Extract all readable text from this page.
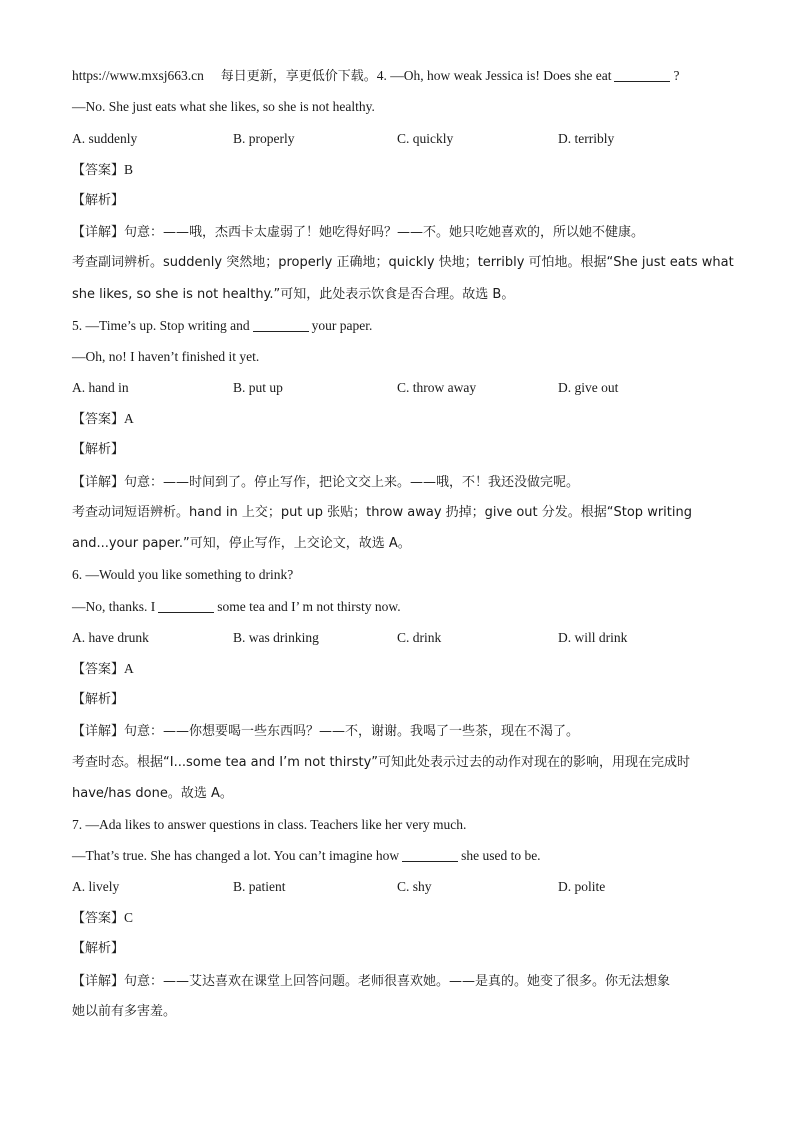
https://www.mxsj663.cn 每日更新，享更低价下载。4. —Oh, how weak Jessica is! Does she eat	?
—No. She just eats what she likes, so she is not healthy.
A. suddenly	B. properly	C. quickly	D. terribly
【答案】B
【解析】
【详解】句意：——哦，杰西卡太虚弱了！她吃得好吗？——不。她只吃她喜欢的，所以她不健康。
考查副词辨析。suddenly 突然地；properly 正确地；quickly 快地；terribly 可怕地。根据“She just eats what
she likes, so she is not healthy.”可知，此处表示饮食是否合理。故选 B。
5. —Time’s up. Stop writing and	your paper.
—Oh, no! I haven’t finished it yet.
A. hand in	B. put up	C. throw away	D. give out
【答案】A
【解析】
【详解】句意：——时间到了。停止写作，把论文交上来。——哦，不！我还没做完呢。
考查动词短语辨析。hand in 上交；put up 张贴；throw away 扔掉；give out 分发。根据“Stop writing
and...your paper.”可知，停止写作，上交论文，故选 A。
6. —Would you like something to drink?
—No, thanks. I	some tea and I’ m not thirsty now.
A. have drunk	B. was drinking	C. drink	D. will drink
【答案】A
【解析】
【详解】句意：——你想要喝一些东西吗？——不，谢谢。我喝了一些茶，现在不渴了。
考查时态。根据“I...some tea and I’m not thirsty”可知此处表示过去的动作对现在的影响，用现在完成时
have/has done。故选 A。
7. —Ada likes to answer questions in class. Teachers like her very much.
—That’s true. She has changed a lot. You can’t imagine how	she used to be.
A. lively	B. patient	C. shy	D. polite
【答案】C
【解析】
【详解】句意：——艾达喜欢在课堂上回答问题。老师很喜欢她。——是真的。她变了很多。你无法想象
她以前有多害羞。
